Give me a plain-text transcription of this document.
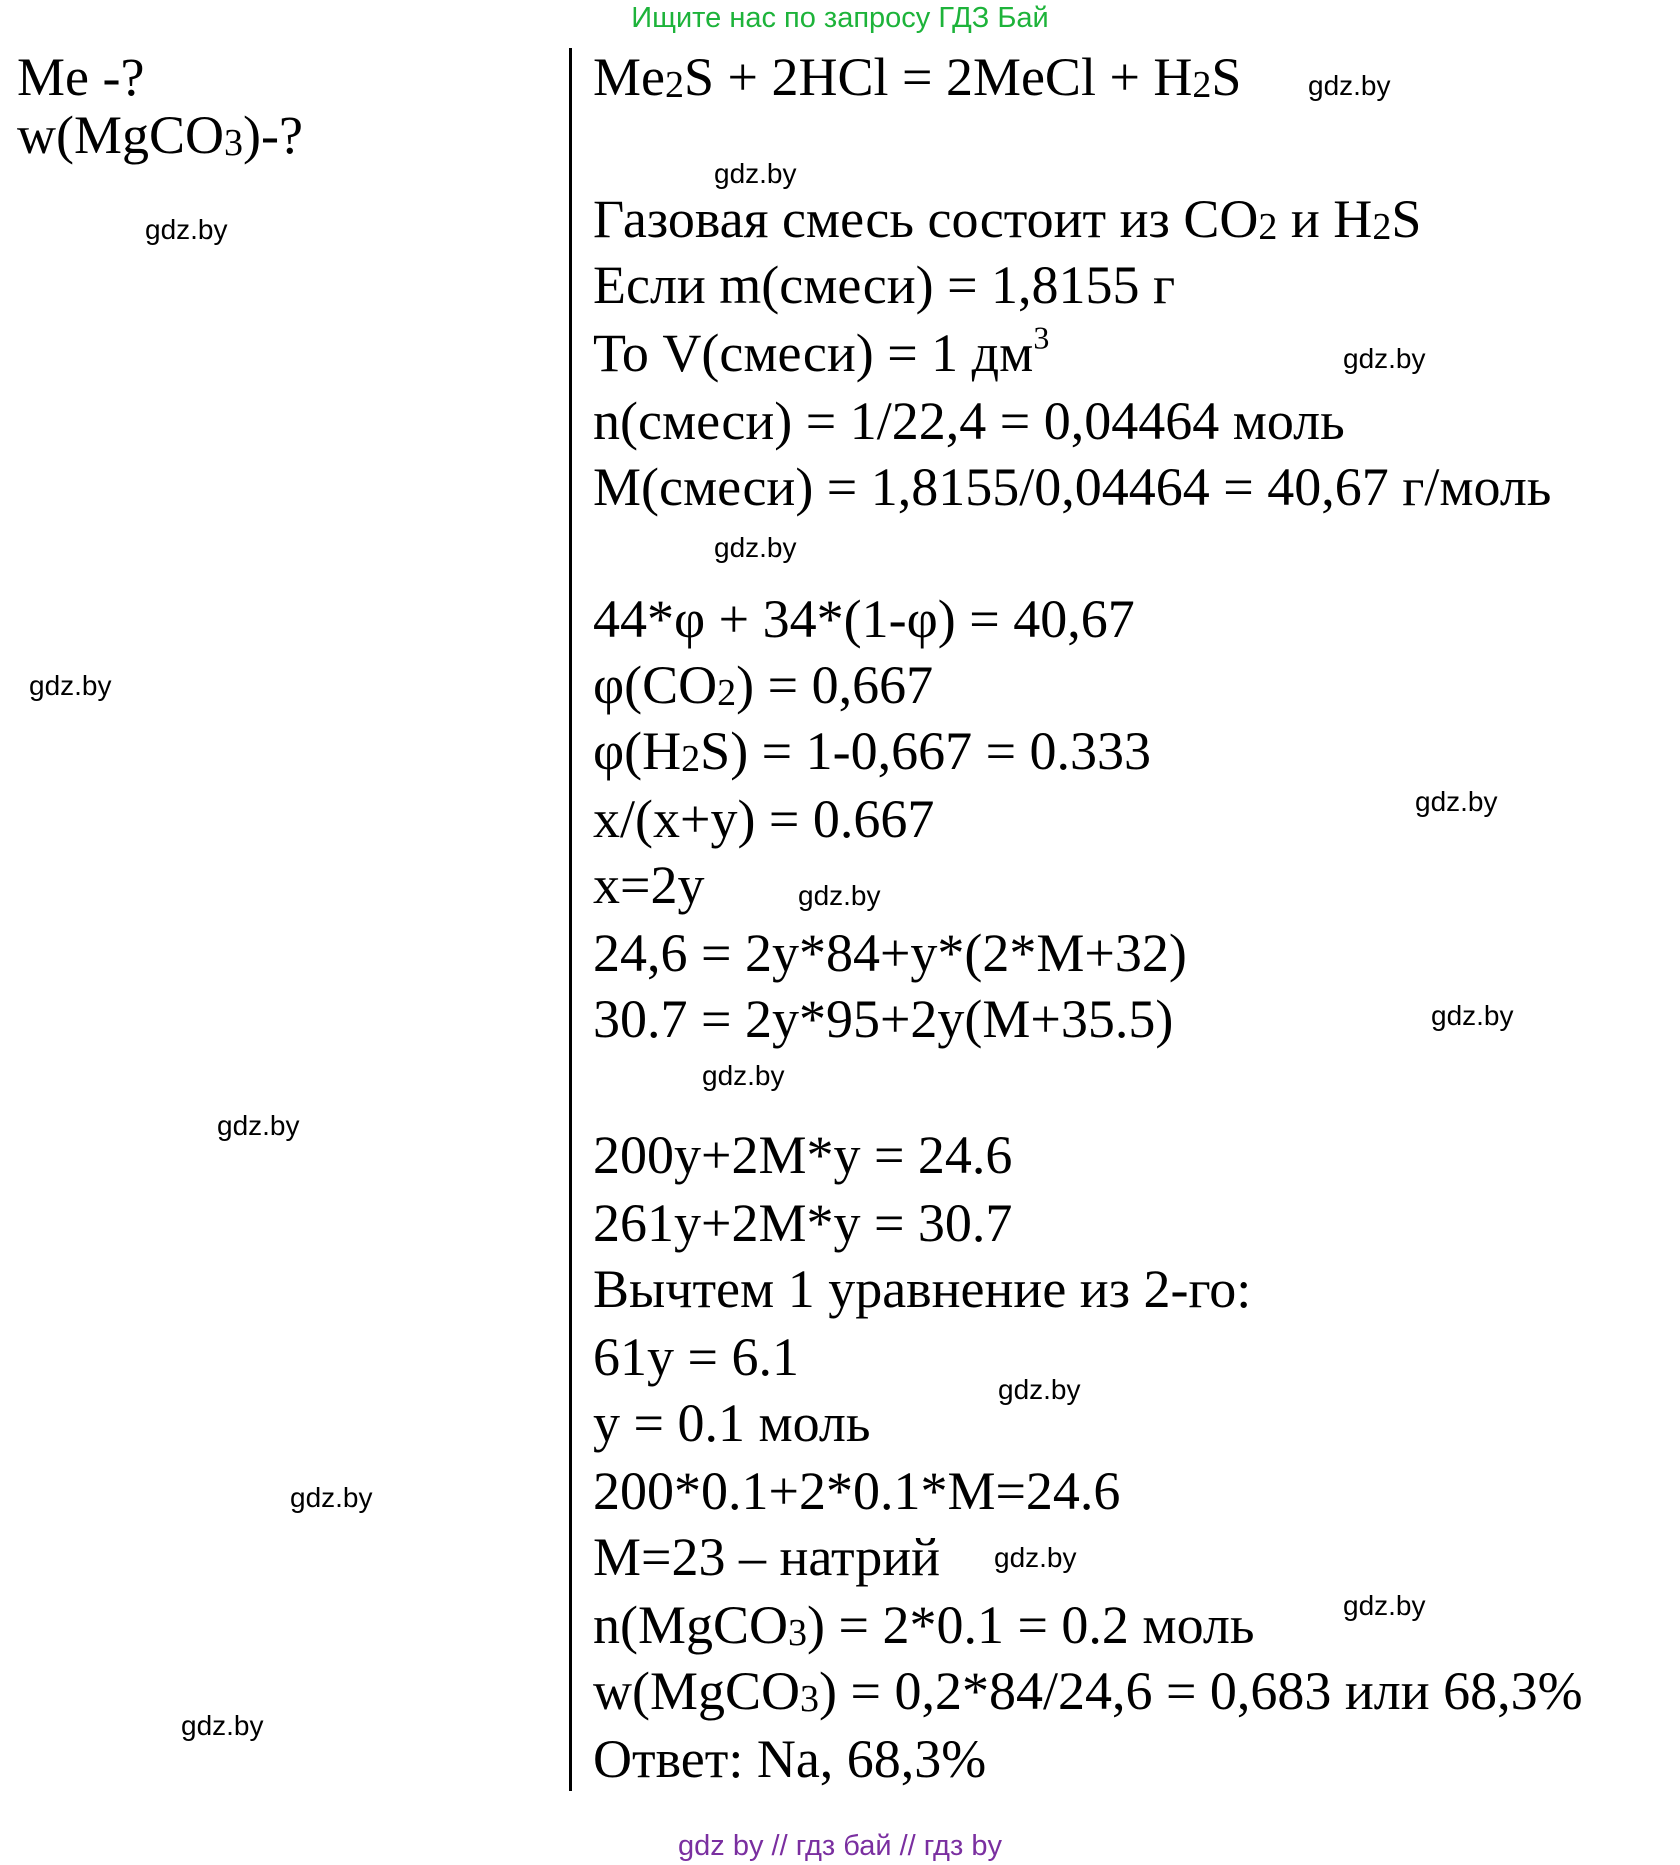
Ищите нас по запросу ГДЗ Бай
Me -?
w(MgCO$_3$)-?
$Me_2S + 2HCl$ = 2MeCl + $H_2S$
Газовая смесь состоит из $CO_2$ и $H_2S$
Если m(смеси) = 1,8155 г
То V(смеси) = 1 $дм^3$
n(смеси) = 1/22,4 = 0,04464 моль
M(смеси) = 1,8155/0,04464 = 40,67 г/моль
44*φ + 34*(1-φ) = 40,67
$\varphi(CO_2) = 0,667$
$\varphi(H_2S) = 1-0,667 = 0.333$
x/(x+y) = 0.667
x=2y
24,6 = 2y*84+y*(2*M+32)
30.7 = 2y*95+2y(M+35.5)
200y+2M*y = 24.6
261y+2M*y = 30.7
Вычтем 1 уравнение из 2-го:
61y = 6.1
y = 0.1 моль
200*0.1+2*0.1*M=24.6
M=23 – натрий
n(MgCO$_3$) = 2*0.1 = 0.2 моль
w(MgCO$_3$) = 0,2*84/24,6 = 0,683 или 68,3%
Ответ: Na, 68,3%
gdz.by
gdz.by
gdz.by
gdz.by
gdz.by
gdz.by
gdz.by
gdz.by
gdz.by
gdz.by
gdz.by
gdz.by
gdz.by
gdz.by
gdz.by
gdz.by
gdz by // гдз бай // гдз by
